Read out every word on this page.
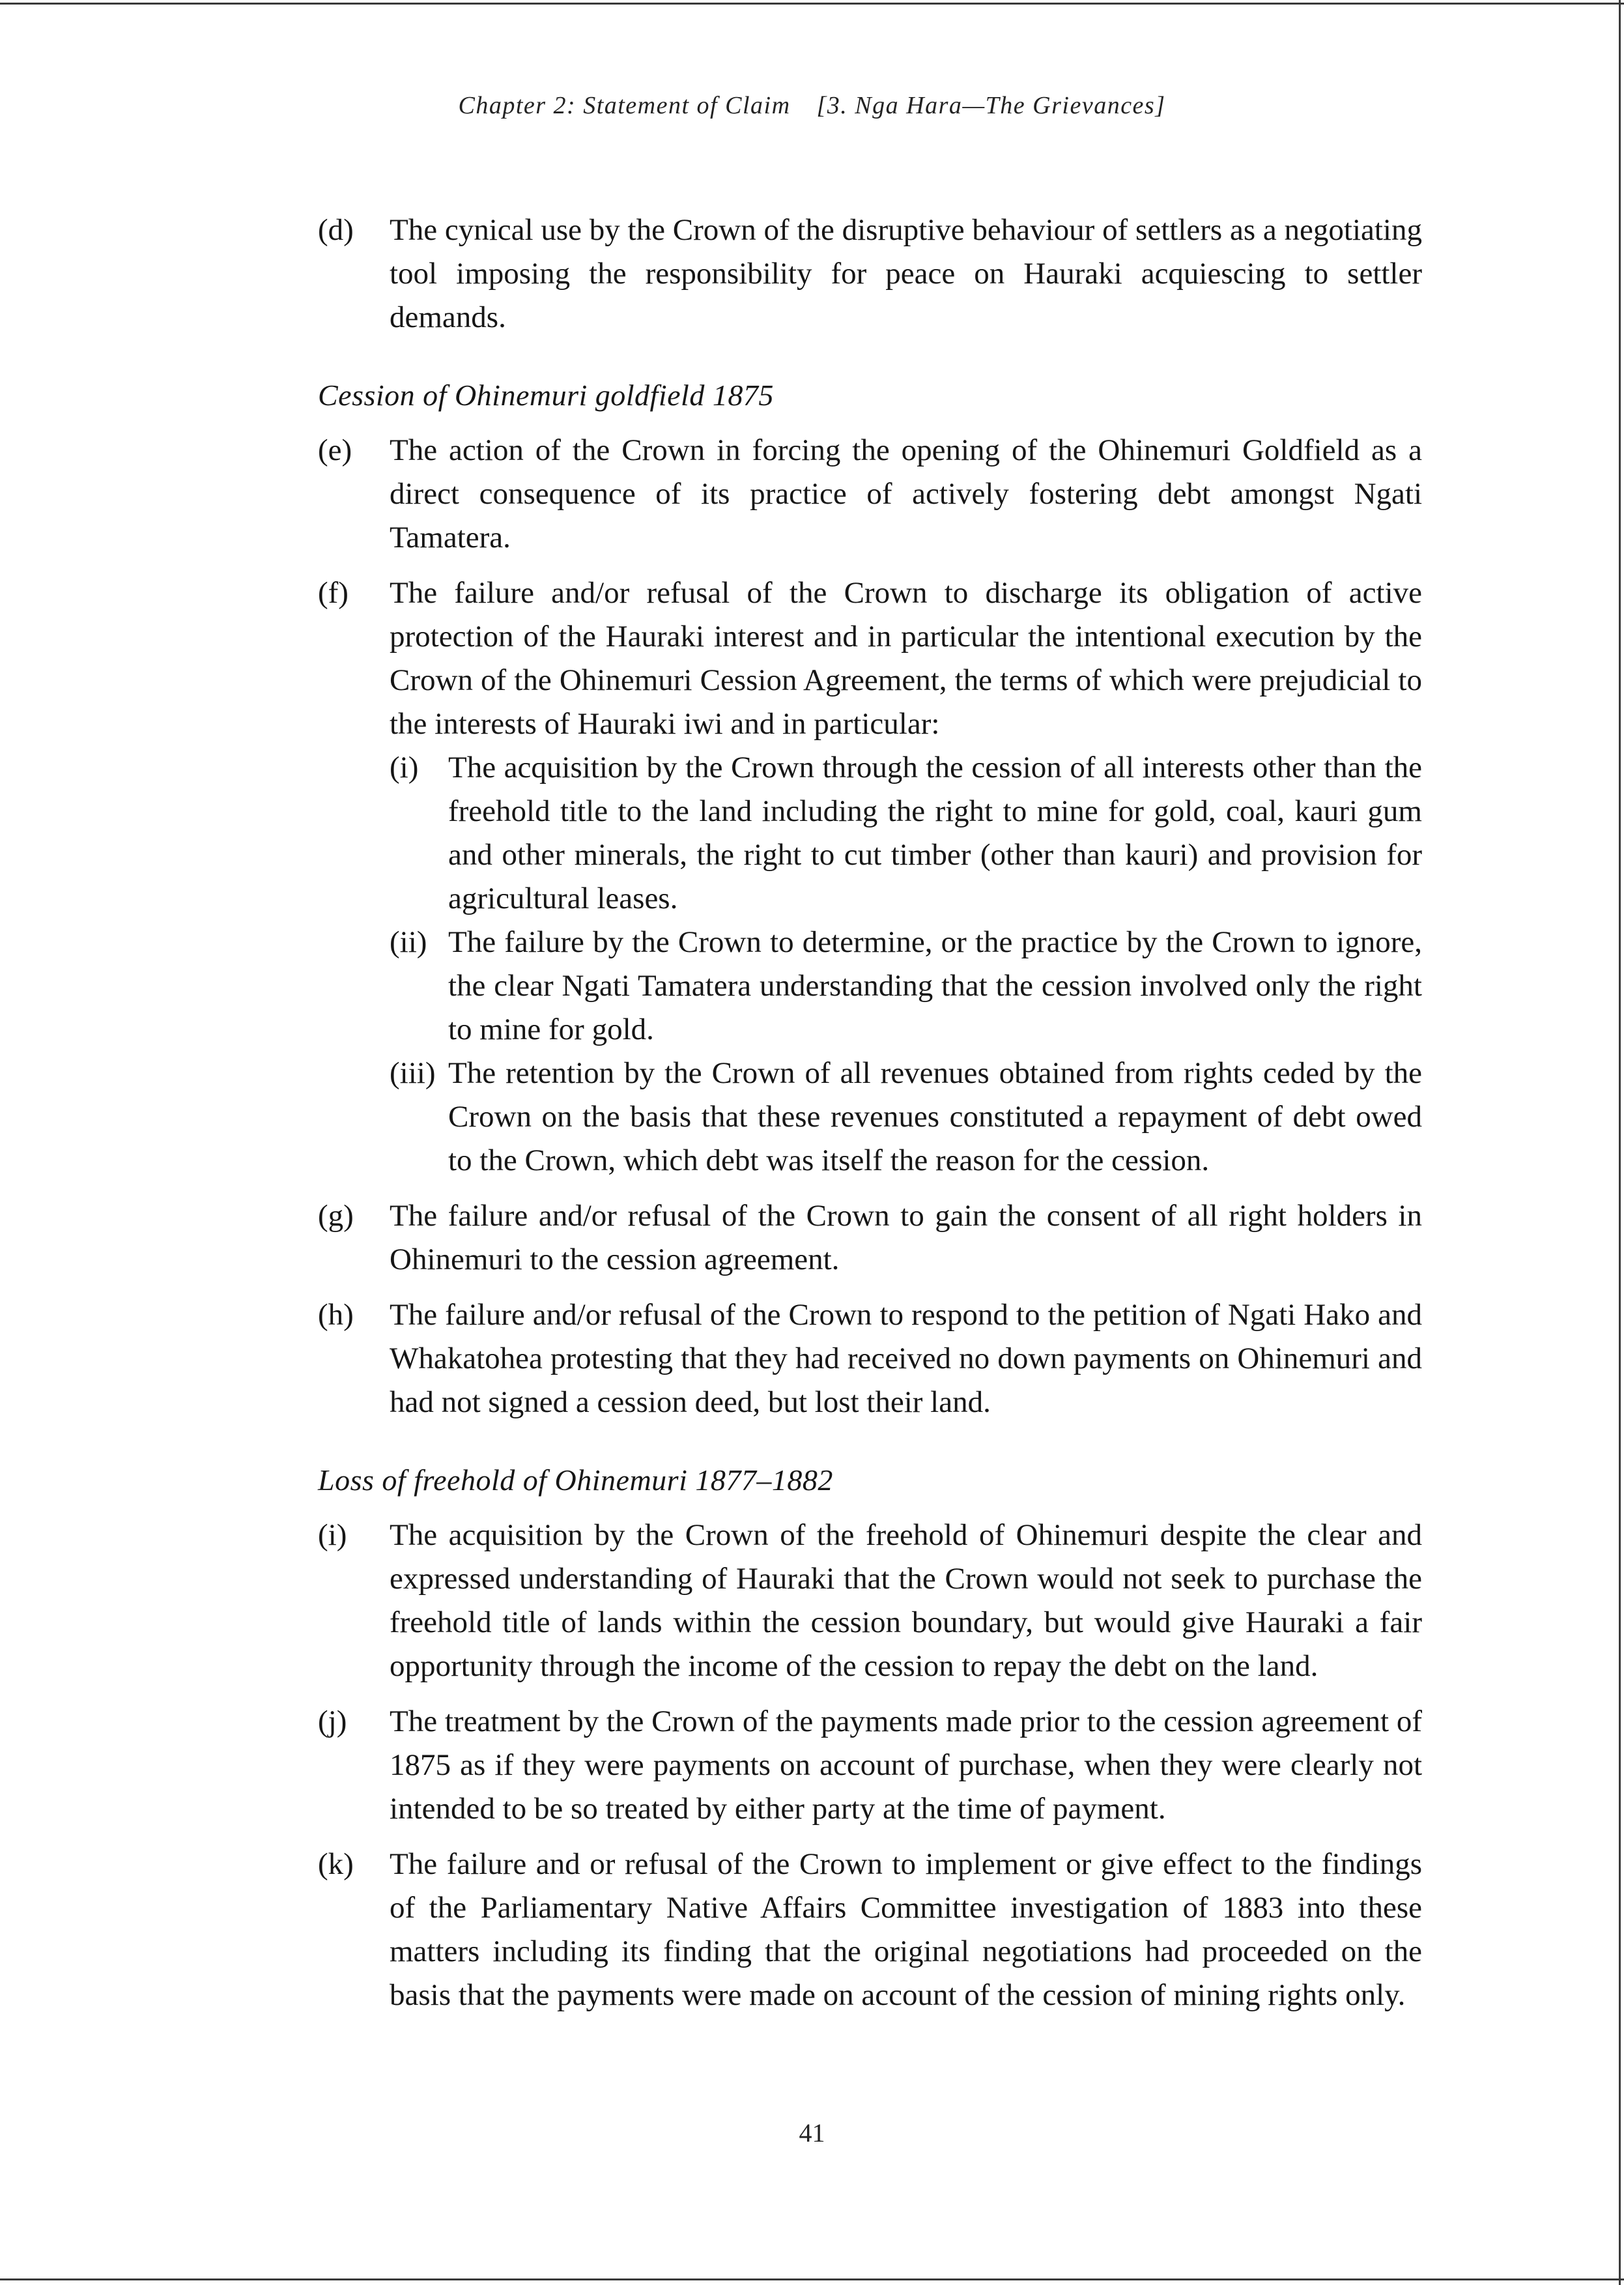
Chapter 2: Statement of Claim [3. Nga Hara—The Grievances]
(d) The cynical use by the Crown of the disruptive behaviour of settlers as a negotiating tool imposing the responsibility for peace on Hauraki acquiescing to settler demands.
Cession of Ohinemuri goldfield 1875
(e) The action of the Crown in forcing the opening of the Ohinemuri Goldfield as a direct consequence of its practice of actively fostering debt amongst Ngati Tamatera.
(f) The failure and/or refusal of the Crown to discharge its obligation of active protection of the Hauraki interest and in particular the intentional execution by the Crown of the Ohinemuri Cession Agreement, the terms of which were prejudicial to the interests of Hauraki iwi and in particular:
(i) The acquisition by the Crown through the cession of all interests other than the freehold title to the land including the right to mine for gold, coal, kauri gum and other minerals, the right to cut timber (other than kauri) and provision for agricultural leases.
(ii) The failure by the Crown to determine, or the practice by the Crown to ignore, the clear Ngati Tamatera understanding that the cession involved only the right to mine for gold.
(iii) The retention by the Crown of all revenues obtained from rights ceded by the Crown on the basis that these revenues constituted a repayment of debt owed to the Crown, which debt was itself the reason for the cession.
(g) The failure and/or refusal of the Crown to gain the consent of all right holders in Ohinemuri to the cession agreement.
(h) The failure and/or refusal of the Crown to respond to the petition of Ngati Hako and Whakatohea protesting that they had received no down payments on Ohinemuri and had not signed a cession deed, but lost their land.
Loss of freehold of Ohinemuri 1877–1882
(i) The acquisition by the Crown of the freehold of Ohinemuri despite the clear and expressed understanding of Hauraki that the Crown would not seek to purchase the freehold title of lands within the cession boundary, but would give Hauraki a fair opportunity through the income of the cession to repay the debt on the land.
(j) The treatment by the Crown of the payments made prior to the cession agreement of 1875 as if they were payments on account of purchase, when they were clearly not intended to be so treated by either party at the time of payment.
(k) The failure and or refusal of the Crown to implement or give effect to the findings of the Parliamentary Native Affairs Committee investigation of 1883 into these matters including its finding that the original negotiations had proceeded on the basis that the payments were made on account of the cession of mining rights only.
41
